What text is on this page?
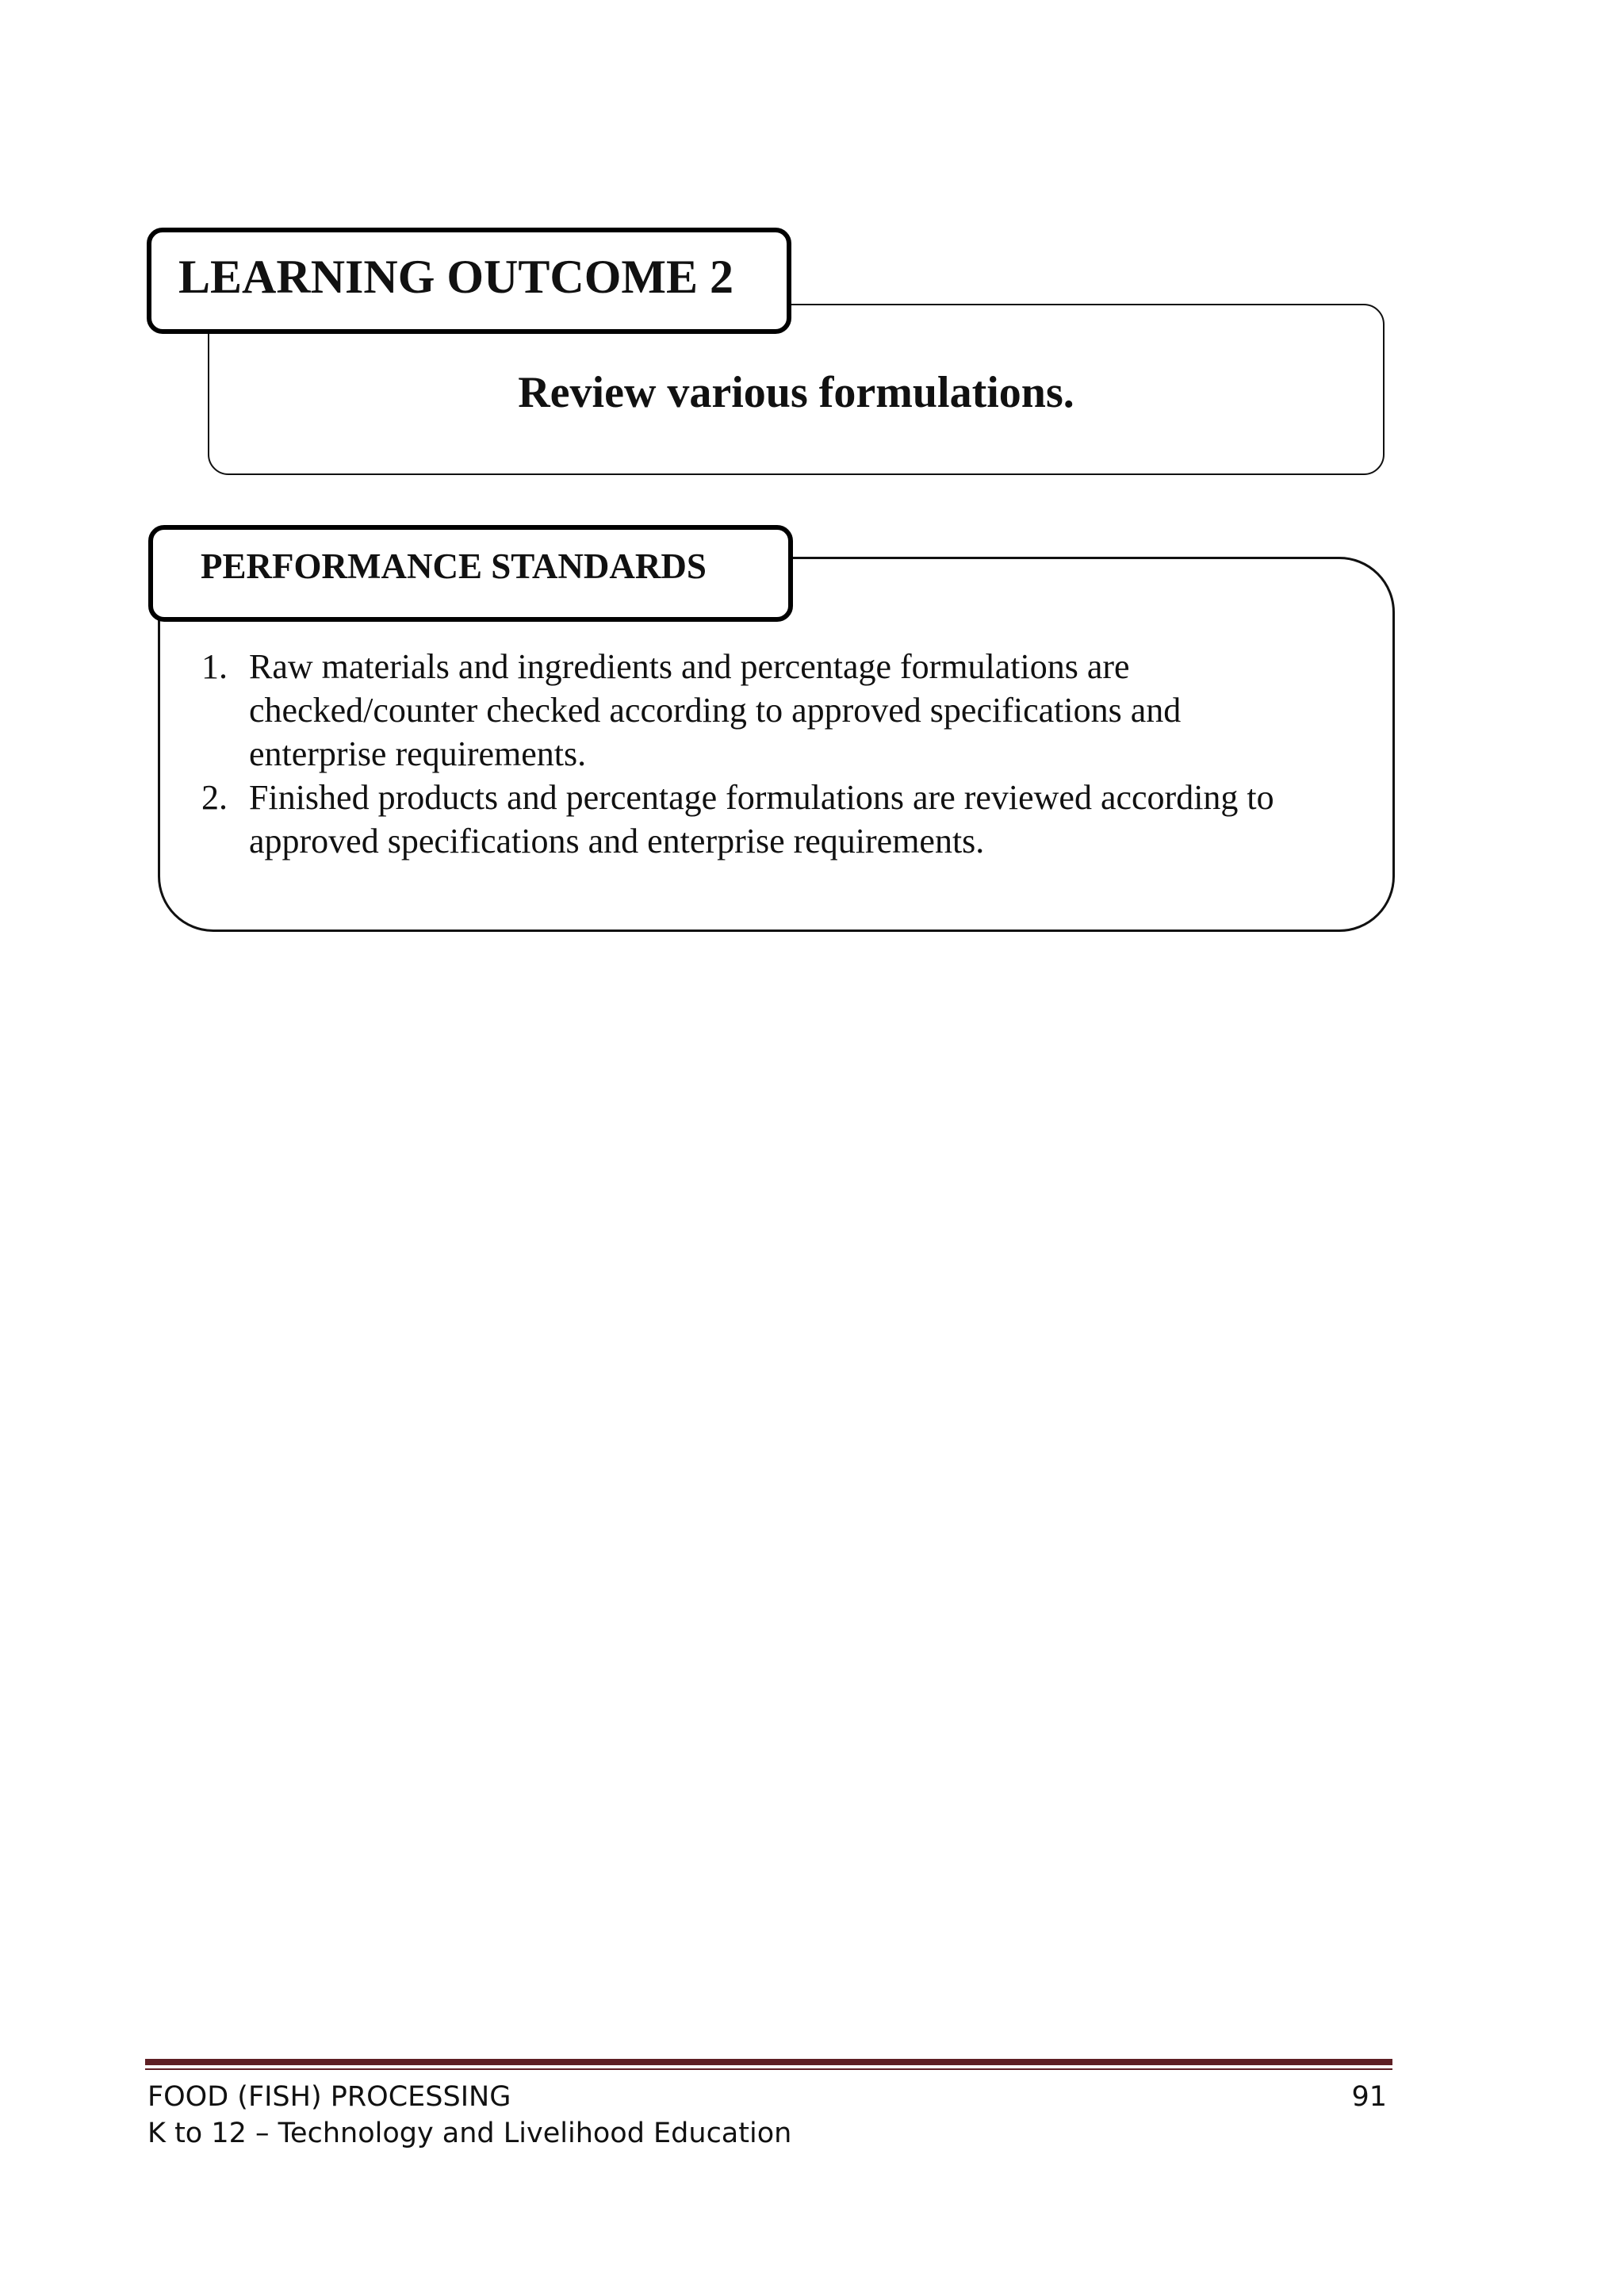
Review various formulations.
LEARNING OUTCOME 2
1. Raw materials and ingredients and percentage formulations are
checked/counter checked according to approved specifications and
enterprise requirements.
2. Finished products and percentage formulations are reviewed according to
approved specifications and enterprise requirements.
PERFORMANCE STANDARDS
FOOD (FISH) PROCESSING
K to 12 – Technology and Livelihood Education
91
